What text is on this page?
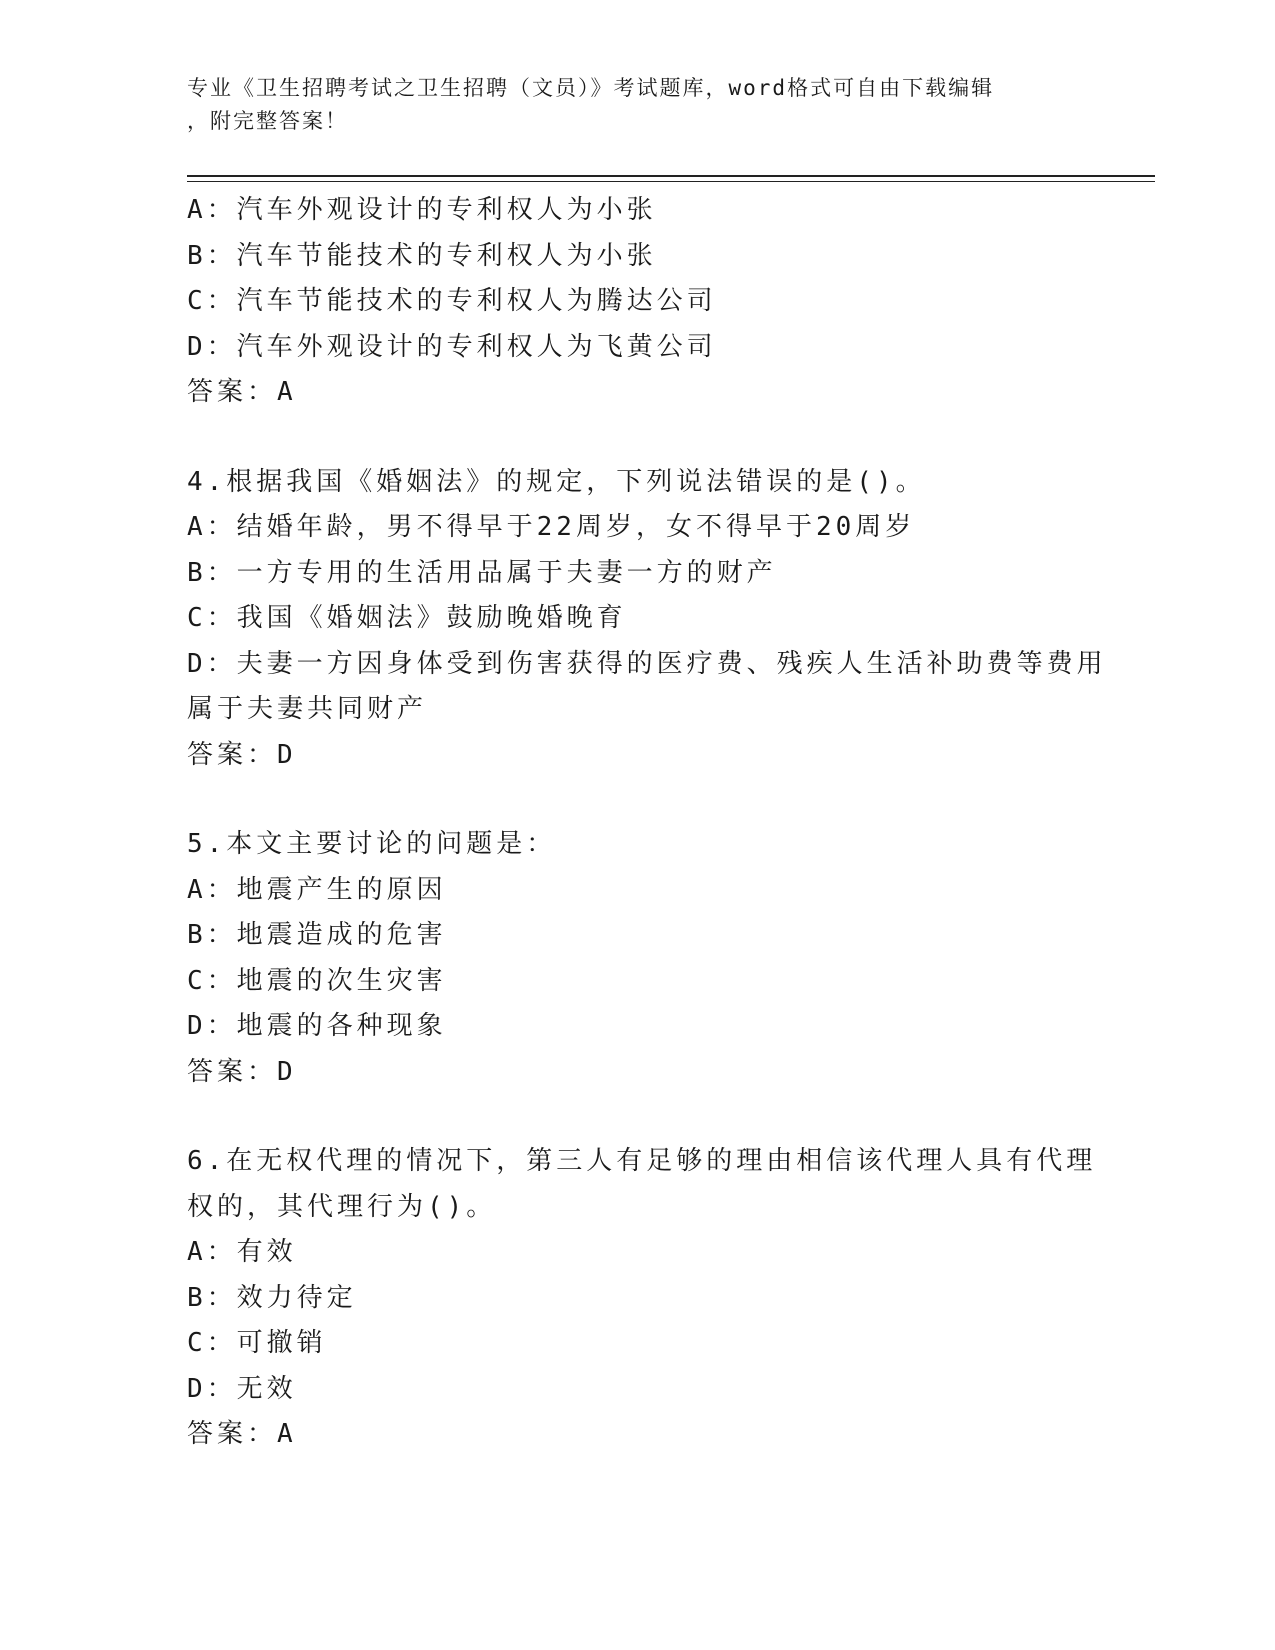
专业《卫生招聘考试之卫生招聘（文员）》考试题库，word格式可自由下载编辑
，附完整答案！
A：汽车外观设计的专利权人为小张
B：汽车节能技术的专利权人为小张
C：汽车节能技术的专利权人为腾达公司
D：汽车外观设计的专利权人为飞黄公司
答案：A
4.根据我国《婚姻法》的规定，下列说法错误的是()。
A：结婚年龄，男不得早于22周岁，女不得早于20周岁
B：一方专用的生活用品属于夫妻一方的财产
C：我国《婚姻法》鼓励晚婚晚育
D：夫妻一方因身体受到伤害获得的医疗费、残疾人生活补助费等费用
属于夫妻共同财产
答案：D
5.本文主要讨论的问题是：
A：地震产生的原因
B：地震造成的危害
C：地震的次生灾害
D：地震的各种现象
答案：D
6.在无权代理的情况下，第三人有足够的理由相信该代理人具有代理
权的，其代理行为()。
A：有效
B：效力待定
C：可撤销
D：无效
答案：A
